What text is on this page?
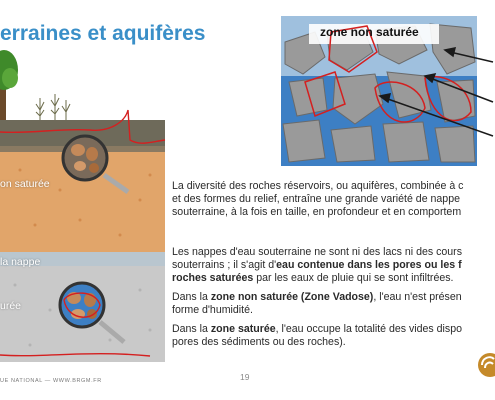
erraines et aquifères
on saturée
la nappe
urée
zone non saturée
La diversité des roches réservoirs, ou aquifères, combinée à c
et des formes du relief, entraîne une grande variété de nappe
souterraine, à la fois en taille, en profondeur et en comportem
Les nappes d'eau souterraine ne sont ni des lacs ni des cours
souterrains ; il s'agit d'eau contenue dans les pores ou les f
roches saturées par les eaux de pluie qui se sont infiltrées.
Dans la zone non saturée (Zone Vadose), l'eau n'est présen
forme d'humidité.
Dans la zone saturée, l'eau occupe la totalité des vides dispo
pores des sédiments ou des roches).
UE NATIONAL — WWW.BRGM.FR	19
